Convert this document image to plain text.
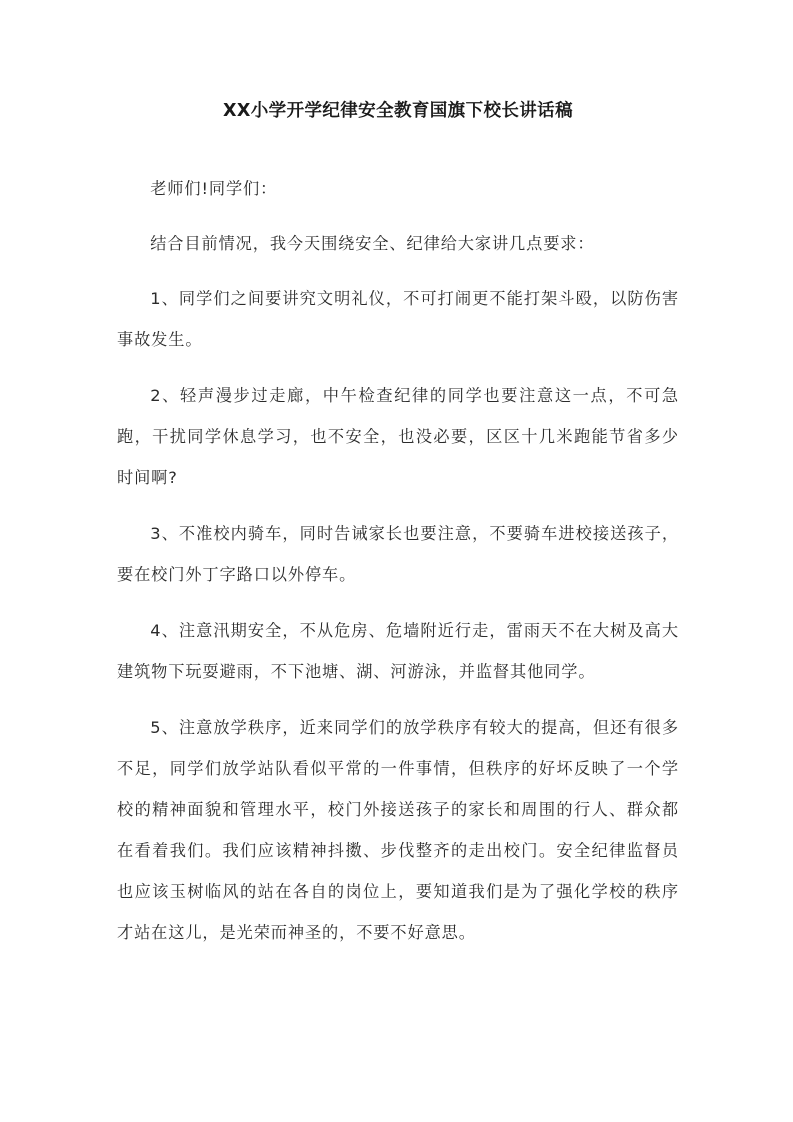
XX小学开学纪律安全教育国旗下校长讲话稿

老师们!同学们：

结合目前情况，我今天围绕安全、纪律给大家讲几点要求：

1、同学们之间要讲究文明礼仪，不可打闹更不能打架斗殴，以防伤害事故发生。

2、轻声漫步过走廊，中午检查纪律的同学也要注意这一点，不可急跑，干扰同学休息学习，也不安全，也没必要，区区十几米跑能节省多少时间啊?

3、不准校内骑车，同时告诫家长也要注意，不要骑车进校接送孩子，要在校门外丁字路口以外停车。

4、注意汛期安全，不从危房、危墙附近行走，雷雨天不在大树及高大建筑物下玩耍避雨，不下池塘、湖、河游泳，并监督其他同学。

5、注意放学秩序，近来同学们的放学秩序有较大的提高，但还有很多不足，同学们放学站队看似平常的一件事情，但秩序的好坏反映了一个学校的精神面貌和管理水平，校门外接送孩子的家长和周围的行人、群众都在看着我们。我们应该精神抖擞、步伐整齐的走出校门。安全纪律监督员也应该玉树临风的站在各自的岗位上，要知道我们是为了强化学校的秩序才站在这儿，是光荣而神圣的，不要不好意思。
